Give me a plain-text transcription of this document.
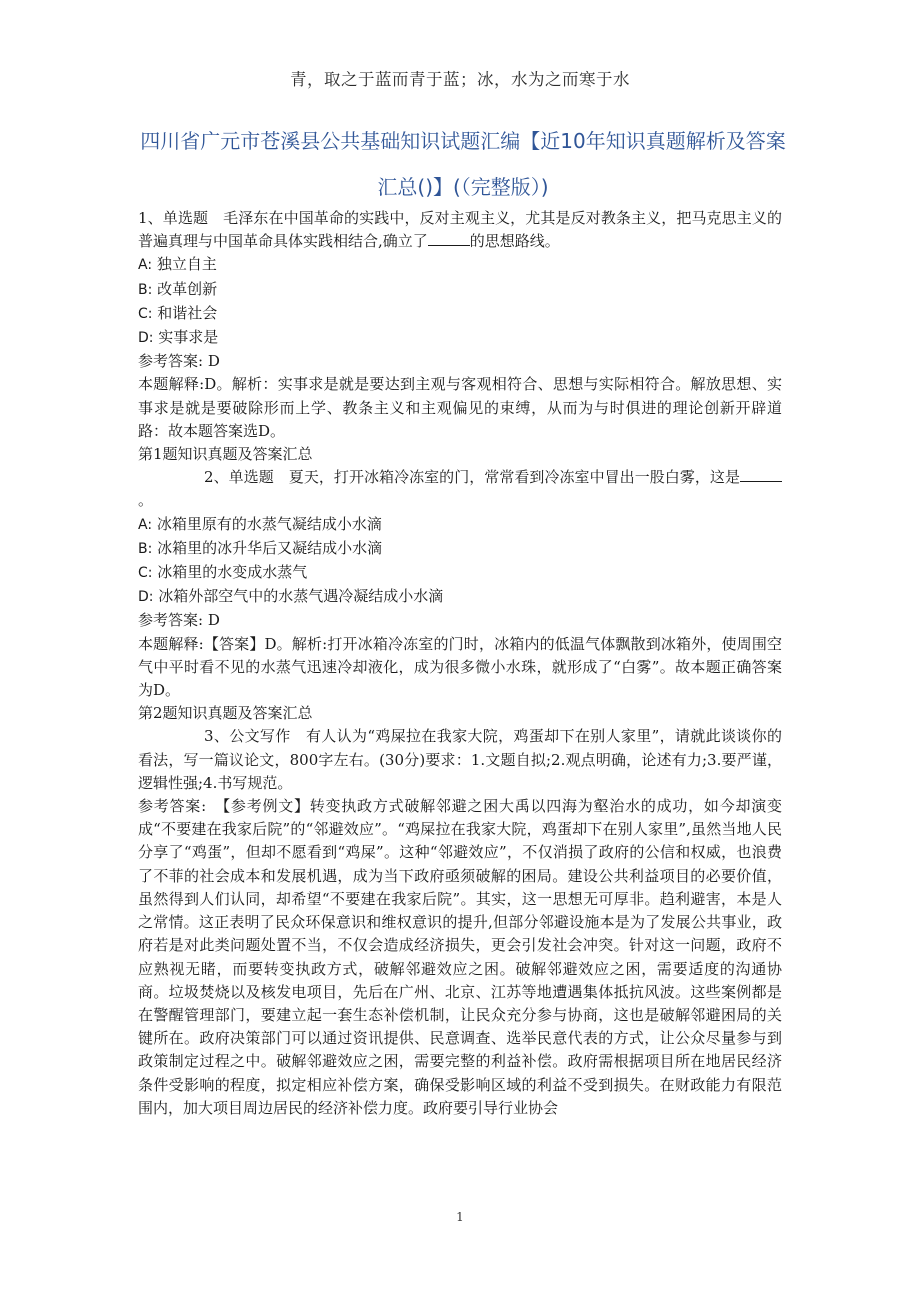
青，取之于蓝而青于蓝；冰，水为之而寒于水
四川省广元市苍溪县公共基础知识试题汇编【近10年知识真题解析及答案汇总()】(（完整版）)

1、单选题　毛泽东在中国革命的实践中，反对主观主义，尤其是反对教条主义，把马克思主义的普遍真理与中国革命具体实践相结合,确立了	的思想路线。

A: 独立自主

B: 改革创新

C: 和谐社会

D: 实事求是

参考答案: D

本题解释:D。解析：实事求是就是要达到主观与客观相符合、思想与实际相符合。解放思想、实事求是就是要破除形而上学、教条主义和主观偏见的束缚，从而为与时俱进的理论创新开辟道路：故本题答案选D。

第1题知识真题及答案汇总

2、单选题　夏天，打开冰箱冷冻室的门，常常看到冷冻室中冒出一股白雾，这是。

A: 冰箱里原有的水蒸气凝结成小水滴

B: 冰箱里的冰升华后又凝结成小水滴

C: 冰箱里的水变成水蒸气

D: 冰箱外部空气中的水蒸气遇冷凝结成小水滴

参考答案: D

本题解释:【答案】D。解析:打开冰箱冷冻室的门时，冰箱内的低温气体飘散到冰箱外，使周围空气中平时看不见的水蒸气迅速冷却液化，成为很多微小水珠，就形成了“白雾”。故本题正确答案为D。

第2题知识真题及答案汇总

3、公文写作　有人认为“鸡屎拉在我家大院，鸡蛋却下在别人家里”，请就此谈谈你的看法，写一篇议论文，800字左右。(30分)要求：1.文题自拟;2.观点明确，论述有力;3.要严谨，逻辑性强;4.书写规范。

参考答案:　【参考例文】转变执政方式破解邻避之困大禹以四海为壑治水的成功，如今却演变成“不要建在我家后院”的“邻避效应”。“鸡屎拉在我家大院，鸡蛋却下在别人家里”,虽然当地人民分享了“鸡蛋”，但却不愿看到“鸡屎”。这种“邻避效应”，不仅消损了政府的公信和权威，也浪费了不菲的社会成本和发展机遇，成为当下政府亟须破解的困局。建设公共利益项目的必要价值，虽然得到人们认同，却希望“不要建在我家后院”。其实，这一思想无可厚非。趋利避害，本是人之常情。这正表明了民众环保意识和维权意识的提升,但部分邻避设施本是为了发展公共事业，政府若是对此类问题处置不当，不仅会造成经济损失，更会引发社会冲突。针对这一问题，政府不应熟视无睹，而要转变执政方式，破解邻避效应之困。破解邻避效应之困，需要适度的沟通协商。垃圾焚烧以及核发电项目，先后在广州、北京、江苏等地遭遇集体抵抗风波。这些案例都是在警醒管理部门，要建立起一套生态补偿机制，让民众充分参与协商，这也是破解邻避困局的关键所在。政府决策部门可以通过资讯提供、民意调查、选举民意代表的方式，让公众尽量参与到政策制定过程之中。破解邻避效应之困，需要完整的利益补偿。政府需根据项目所在地居民经济条件受影响的程度，拟定相应补偿方案，确保受影响区域的利益不受到损失。在财政能力有限范围内，加大项目周边居民的经济补偿力度。政府要引导行业协会

1
